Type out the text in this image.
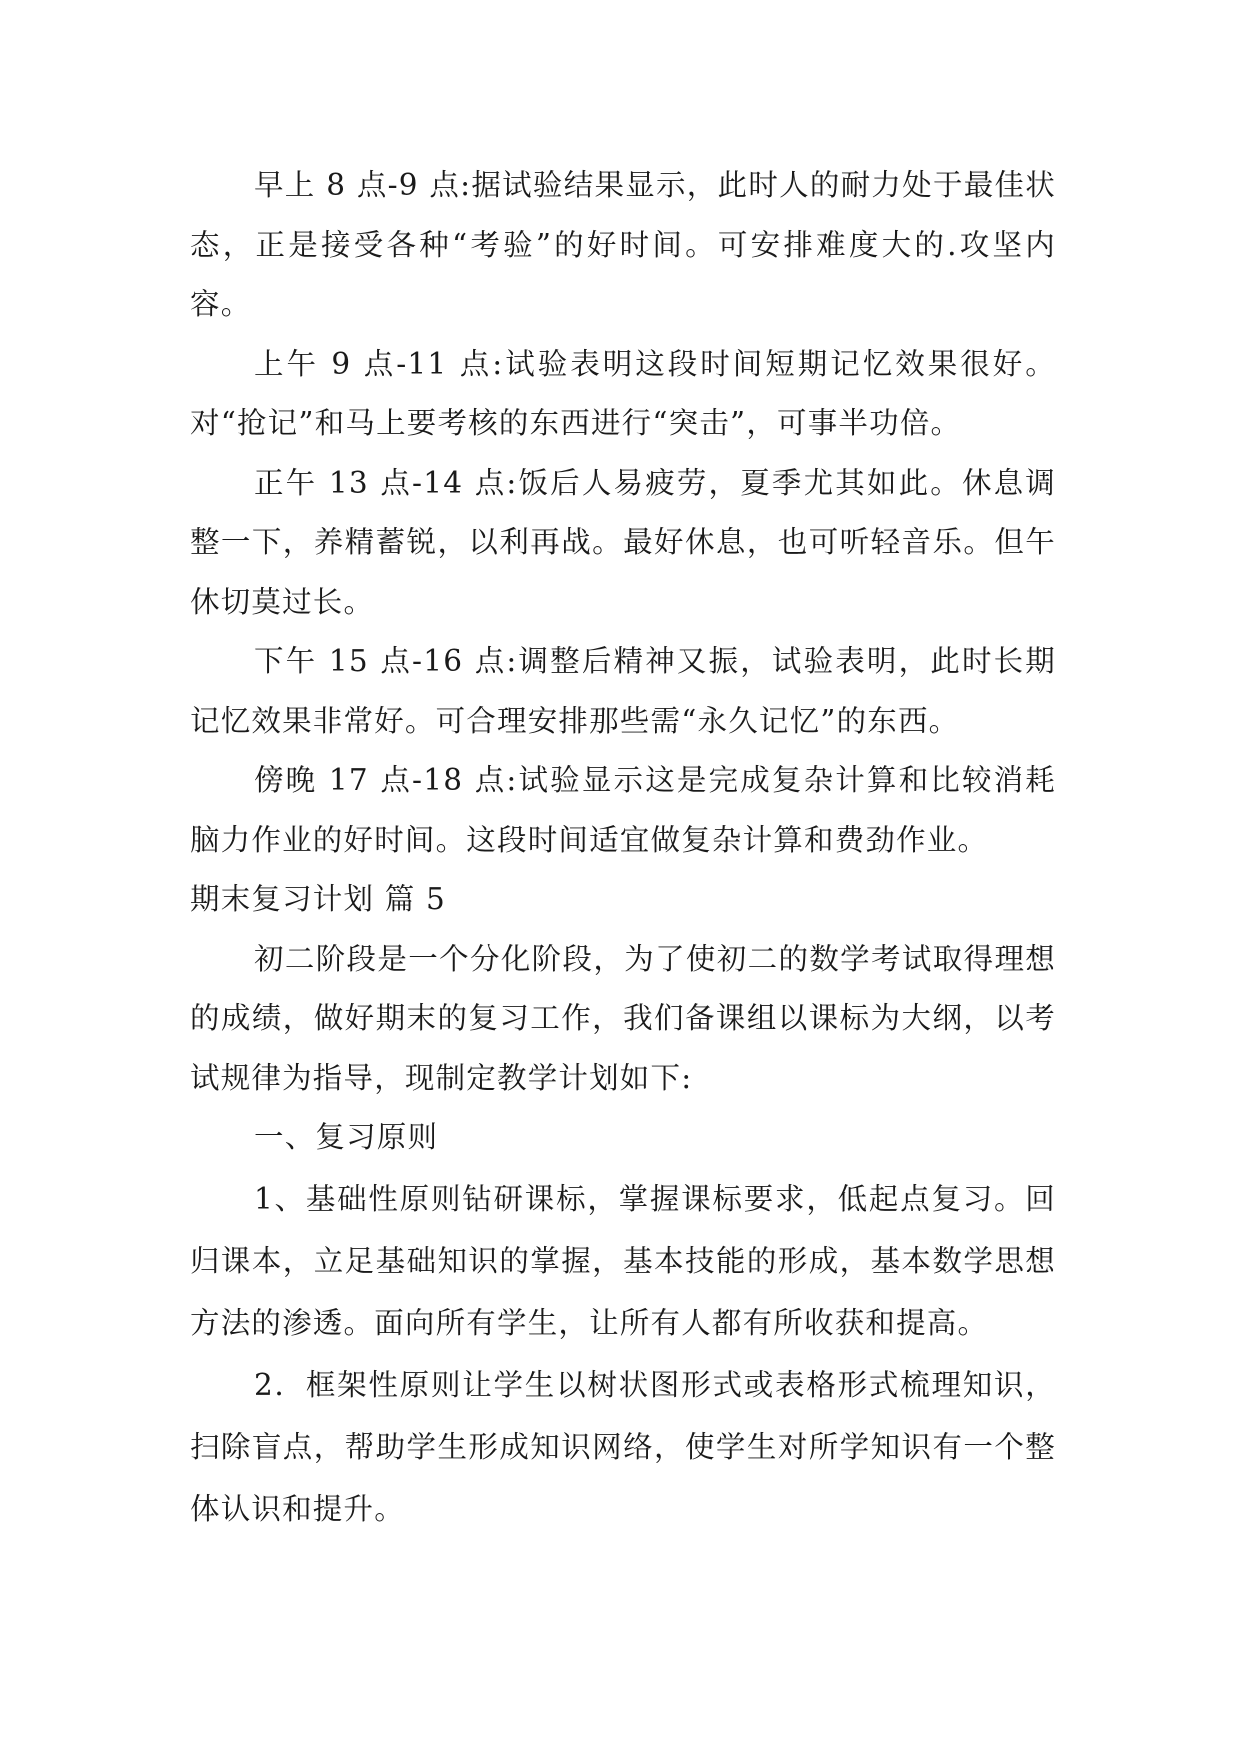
早上 8 点-9 点:据试验结果显示，此时人的耐力处于最佳状态，正是接受各种“考验”的好时间。可安排难度大的.攻坚内容。

上午 9 点-11 点:试验表明这段时间短期记忆效果很好。对“抢记”和马上要考核的东西进行“突击”，可事半功倍。

正午 13 点-14 点:饭后人易疲劳，夏季尤其如此。休息调整一下，养精蓄锐，以利再战。最好休息，也可听轻音乐。但午休切莫过长。

下午 15 点-16 点:调整后精神又振，试验表明，此时长期记忆效果非常好。可合理安排那些需“永久记忆”的东西。

傍晚 17 点-18 点:试验显示这是完成复杂计算和比较消耗脑力作业的好时间。这段时间适宜做复杂计算和费劲作业。

期末复习计划 篇 5

初二阶段是一个分化阶段，为了使初二的数学考试取得理想的成绩，做好期末的复习工作，我们备课组以课标为大纲，以考试规律为指导，现制定教学计划如下:

一、复习原则

1、基础性原则钻研课标，掌握课标要求，低起点复习。回归课本，立足基础知识的掌握，基本技能的形成，基本数学思想方法的渗透。面向所有学生，让所有人都有所收获和提高。

2．框架性原则让学生以树状图形式或表格形式梳理知识，扫除盲点，帮助学生形成知识网络，使学生对所学知识有一个整体认识和提升。
